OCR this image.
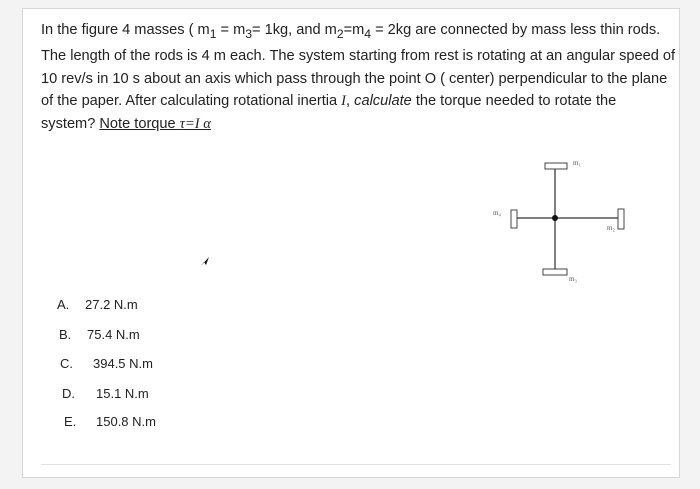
In the figure 4 masses ( $m_1 = m_3= 1kg$, and $m_2=m_4 = 2kg$ are connected by mass less thin rods.
The length of the rods is 4 m each. The system starting from rest is rotating at an angular speed of
10 rev/s in 10 s about an axis which pass through the point O ( center) perpendicular to the plane
of the paper. After calculating rotational inertia I, calculate the torque needed to rotate the
system? Note torque τ=I α
m₁
m₂
m₃
m₄
A. 27.2 N.m
B. 75.4 N.m
C. 394.5 N.m
D. 15.1 N.m
E. 150.8 N.m
